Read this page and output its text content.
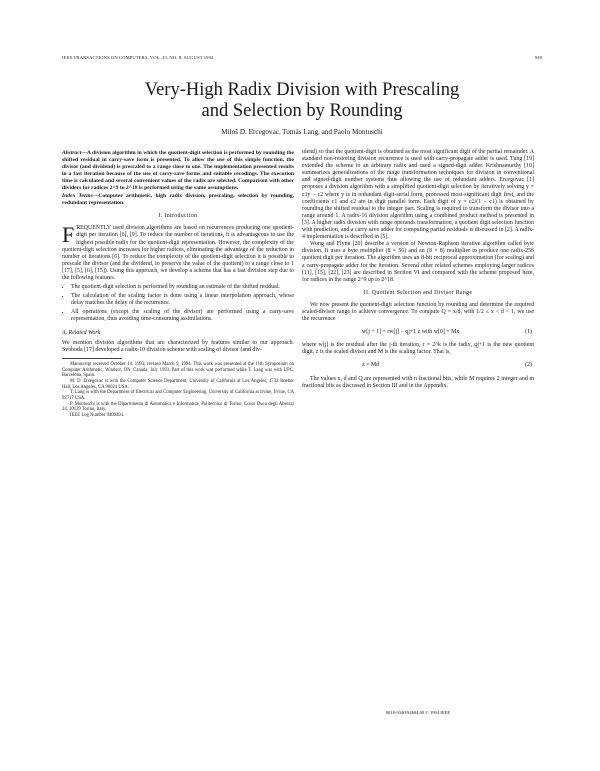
IEEE TRANSACTIONS ON COMPUTERS, VOL. 43, NO. 8, AUGUST 1994	949
Very-High Radix Division with Prescaling
and Selection by Rounding
Miloš D. Ercegovac, Tomás Lang, and Paolo Montuschi

Abstract—A division algorithm in which the quotient-digit selection is performed by rounding the shifted residual in carry-save form is presented. To allow the use of this simple function, the divisor (and dividend) is prescaled to a range close to one. The implementation presented results in a fast iteration because of the use of carry-save forms and suitable recodings. The execution time is calculated and several convenient values of the radix are selected. Comparison with other dividers for radices 2^9 to 2^18 is performed using the same assumptions.

Index Terms—Computer arithmetic, high radix division, prescaling, selection by rounding, redundant representation.

I. Introduction

FREQUENTLY used division algorithms are based on recurrences producing one quotient-digit per iteration [6], [9]. To reduce the number of iterations, it is advantageous to use the highest possible radix for the quotient-digit representation. However, the complexity of the quotient-digit selection increases for higher radices, eliminating the advantage of the reduction in number of iterations [6]. To reduce the complexity of the quotient-digit selection it is possible to prescale the divisor (and the dividend, to preserve the value of the quotient) to a range close to 1 [17], [5], [6], [15]). Using this approach, we develop a scheme that has a fast division step due to the following features.

• The quotient-digit selection is performed by rounding an estimate of the shifted residual.
• The calculation of the scaling factor is done using a linear interpolation approach, whose delay matches the delay of the recurrence.
• All operations (except the scaling of the divisor) are performed using a carry-save representation, thus avoiding time-consuming assimilations.
A. Related Work

We mention division algorithms that are characterized by features similar to our approach. Svoboda [17] developed a radix-10 division scheme with scaling of divisor (and div-

Manuscript received October 14, 1993; revised March 9, 1994. This work was presented at the 11th Symposium on Computer Arithmetic, Windsor, ON, Canada, July 1993. Part of this work was performed while T. Lang was with UPC, Barcelona, Spain.

M. D. Ercegovac is with the Computer Science Department, University of California at Los Angeles, 4732 Boelter Hall, Los Angeles, CA 90024 USA.

T. Lang is with the Department of Electrical and Computer Engineering, University of California at Irvine, Irvine, CA 92717 USA.

P. Montuschi is with the Dipartimento di Automatica e Informatica, Politecnico di Torino, Corso Duca degli Abruzzi 24, 10129 Torino, Italy.

IEEE Log Number 9400494.

idend) so that the quotient-digit is obtained as the most significant digit of the partial remainder. A standard non-restoring division recurrence is used with carry-propagate adder is used. Tung [19] extended the scheme to an arbitrary radix and used a signed-digit adder. Krishnamurthy [10] summarizes generalizations of the range transformation techniques for division in conventional and signed-digit number systems thus allowing the use of redundant adders. Ercegovac [1] proposes a division algorithm with a simplified quotient-digit selection by iteratively solving y = c1y − c2 where y is in redundant digit-serial form, processed most-significant digit first, and the coefficients c1 and c2 are in digit parallel form. Each digit of y = c2/(1 − c1) is obtained by rounding the shifted residual to the integer part. Scaling is required to transform the divisor into a range around 1. A radix-16 division algorithm using a combined product method is presented in [3]. A higher radix division with range operands transformation, a quotient digit selection function with prediction, and a carry save adder for computing partial residuals is discussed in [2]. A radix-4 implementation is described in [5].

Wong and Flynn [20] describe a version of Newton-Raphson iterative algorithm called byte division. It uses a byte multiplier (8 × 56) and an (8 × 8) multiplier to produce one radix-256 quotient digit per iteration. The algorithm uses an 8-bit reciprocal approximation (for scaling) and a carry-propagate adder for the iteration. Several other related schemes employing larger radices [11], [15], [22], [23] are described in Section VI and compared with the scheme proposed here, for radices in the range 2^9 up to 2^18.

II. Quotient Selection and Divisor Range

We now present the quotient-digit selection function by rounding and determine the required scaled-divisor range to achieve convergence. To compute Q = x/d, with 1/2 ≤ x < d < 1, we use the recurrence

w[j + 1] = rw[j] − qj+1 z with w[0] = Mx	(1)

where w[j] is the residual after the j-th iteration, r = 2^k is the radix, qj+1 is the new quotient digit, z is the scaled divisor and M is the scaling factor. That is,

z = Md	(2)

The values x, d and Q are represented with n fractional bits, while M requires 2 integer and m fractional bits as discussed in Section III and in the Appendix.

0018-9340/94$04.00 © 1994 IEEE
